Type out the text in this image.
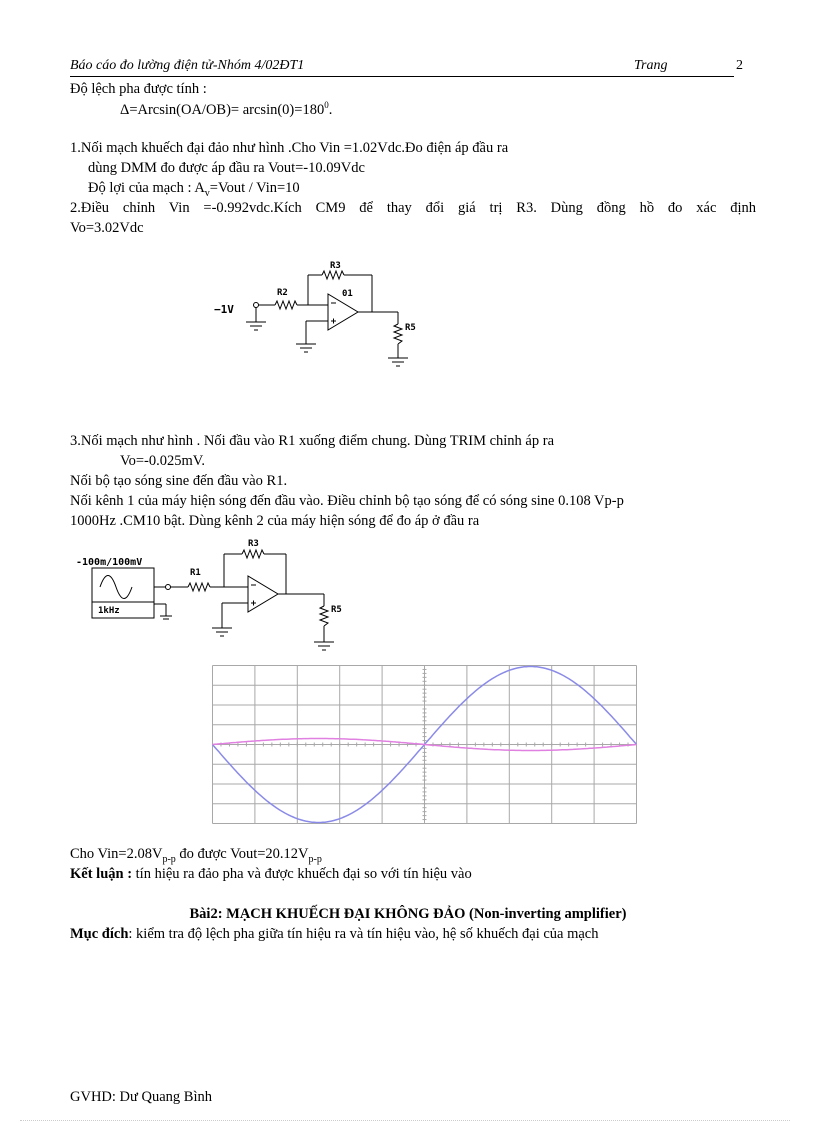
Báo cáo đo lường điện tử-Nhóm 4/02ĐT1	Trang	2
Độ lệch pha được tính :
$\Delta=Arcsin(OA/OB)= \arcsin(0)=180^0$.
1.Nối mạch khuếch đại đảo như hình .Cho Vin =1.02Vdc.Đo điện áp đầu ra
dùng DMM đo được áp đầu ra Vout=-10.09Vdc
Độ lợi của mạch : $A_v=Vout / Vin=10$
2.Điều chỉnh Vin =-0.992vdc.Kích CM9 để thay đổi giá trị R3. Dùng đồng hồ đo xác định
Vo=3.02Vdc
−1V
R2
R3
01
R5
3.Nối mạch như hình . Nối đầu vào R1 xuống điểm chung. Dùng TRIM chỉnh áp ra
Vo=-0.025mV.
Nối bộ tạo sóng sine đến đầu vào R1.
Nối kênh 1 của máy hiện sóng đến đầu vào. Điều chỉnh bộ tạo sóng để có sóng sine 0.108 Vp-p
1000Hz .CM10 bật. Dùng kênh 2 của máy hiện sóng để đo áp ở đầu ra
-100m/100mV
1kHz
R1
R3
R5
Cho $Vin=2.08V_{p-p}$ đo được $Vout=20.12V_{p-p}$
Kết luận : tín hiệu ra đảo pha và được khuếch đại so với tín hiệu vào
Bài2: MẠCH KHUẾCH ĐẠI KHÔNG ĐẢO (Non-inverting amplifier)
Mục đích: kiểm tra độ lệch pha giữa tín hiệu ra và tín hiệu vào, hệ số khuếch đại của mạch
GVHD: Dư Quang Bình
